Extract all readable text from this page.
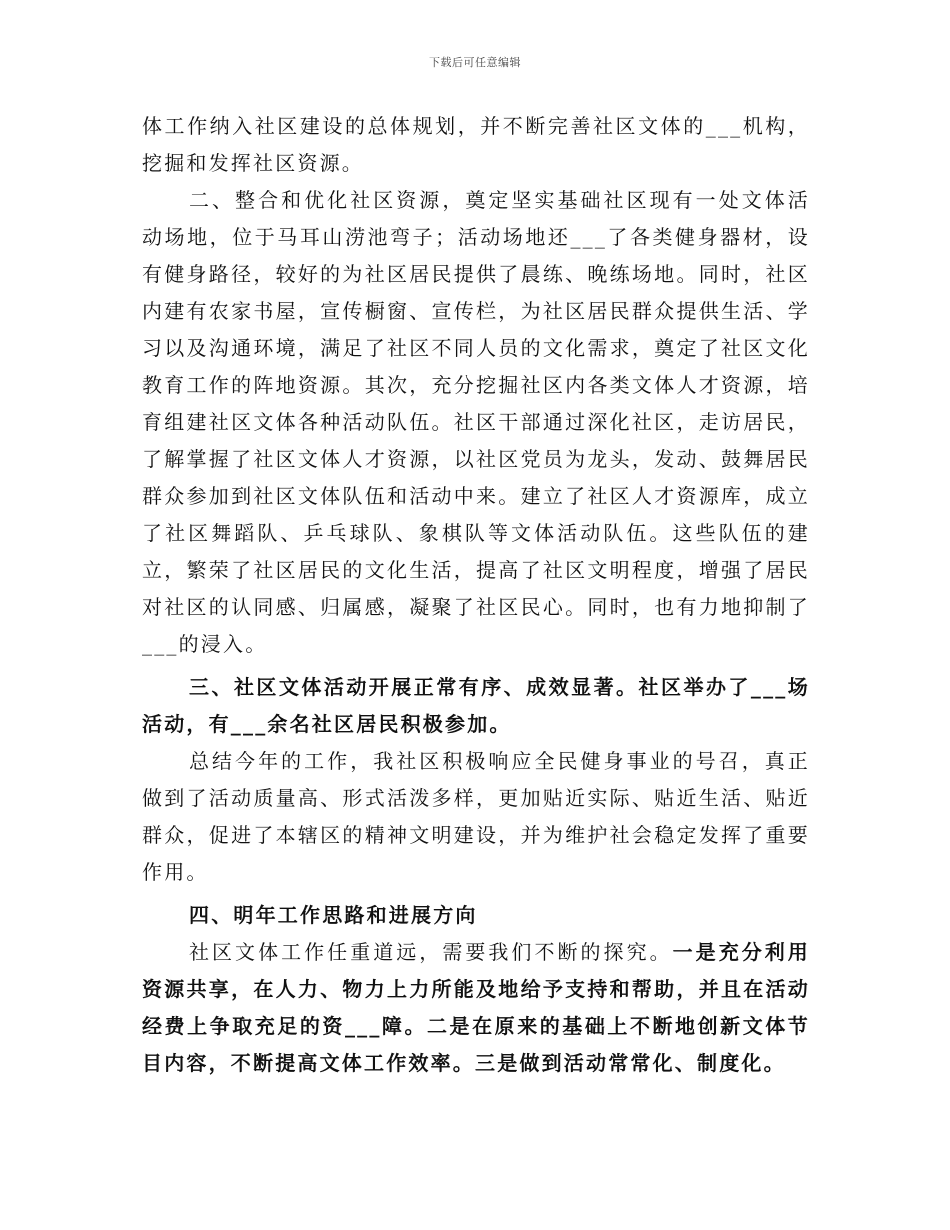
下载后可任意编辑

体工作纳入社区建设的总体规划，并不断完善社区文体的___机构，挖掘和发挥社区资源。

二、整合和优化社区资源，奠定坚实基础社区现有一处文体活动场地，位于马耳山涝池弯子；活动场地还___了各类健身器材，设有健身路径，较好的为社区居民提供了晨练、晚练场地。同时，社区内建有农家书屋，宣传橱窗、宣传栏，为社区居民群众提供生活、学习以及沟通环境，满足了社区不同人员的文化需求，奠定了社区文化教育工作的阵地资源。其次，充分挖掘社区内各类文体人才资源，培育组建社区文体各种活动队伍。社区干部通过深化社区，走访居民，了解掌握了社区文体人才资源，以社区党员为龙头，发动、鼓舞居民群众参加到社区文体队伍和活动中来。建立了社区人才资源库，成立了社区舞蹈队、乒乓球队、象棋队等文体活动队伍。这些队伍的建立，繁荣了社区居民的文化生活，提高了社区文明程度，增强了居民对社区的认同感、归属感，凝聚了社区民心。同时，也有力地抑制了___的浸入。

三、社区文体活动开展正常有序、成效显著。社区举办了___场活动，有___余名社区居民积极参加。

总结今年的工作，我社区积极响应全民健身事业的号召，真正做到了活动质量高、形式活泼多样，更加贴近实际、贴近生活、贴近群众，促进了本辖区的精神文明建设，并为维护社会稳定发挥了重要作用。

四、明年工作思路和进展方向

社区文体工作任重道远，需要我们不断的探究。一是充分利用资源共享，在人力、物力上力所能及地给予支持和帮助，并且在活动经费上争取充足的资___障。二是在原来的基础上不断地创新文体节目内容，不断提高文体工作效率。三是做到活动常常化、制度化。
